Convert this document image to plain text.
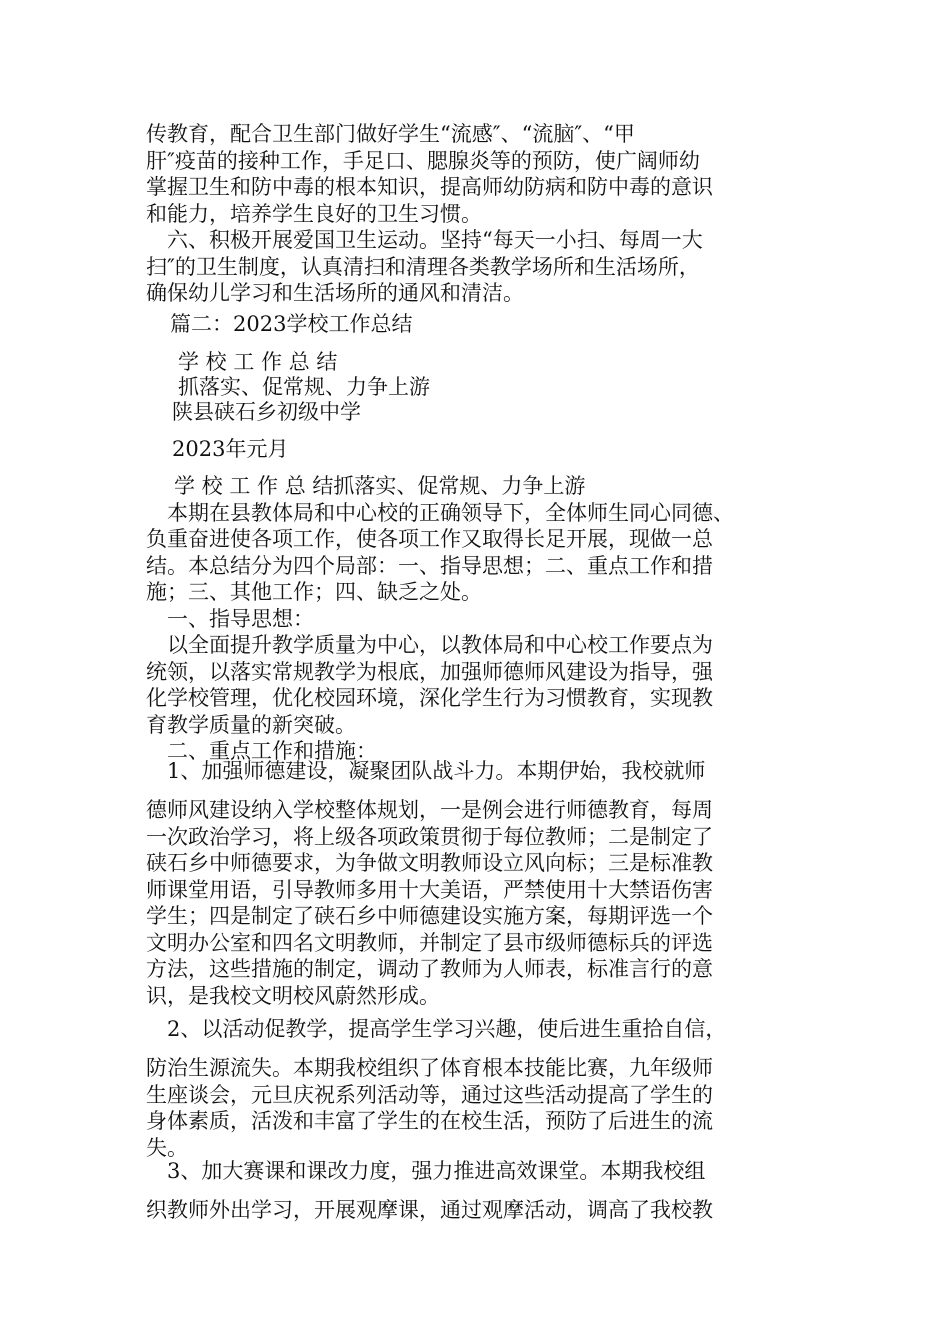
传教育，配合卫生部门做好学生“流感″、“流脑″、“甲
肝″疫苗的接种工作，手足口、腮腺炎等的预防，使广阔师幼
掌握卫生和防中毒的根本知识，提高师幼防病和防中毒的意识
和能力，培养学生良好的卫生习惯。
　六、积极开展爱国卫生运动。坚持“每天一小扫、每周一大
扫″的卫生制度，认真清扫和清理各类教学场所和生活场所，
确保幼儿学习和生活场所的通风和清洁。
篇二：2023学校工作总结
学 校 工 作 总 结
抓落实、促常规、力争上游
陕县硖石乡初级中学
2023年元月
学 校 工 作 总 结抓落实、促常规、力争上游
　本期在县教体局和中心校的正确领导下，全体师生同心同德、
负重奋进使各项工作，使各项工作又取得长足开展，现做一总
结。本总结分为四个局部：一、指导思想；二、重点工作和措
施；三、其他工作；四、缺乏之处。
　一、指导思想：
　以全面提升教学质量为中心，以教体局和中心校工作要点为
统领，以落实常规教学为根底，加强师德师风建设为指导，强
化学校管理，优化校园环境，深化学生行为习惯教育，实现教
育教学质量的新突破。
　二、重点工作和措施：
　1、加强师德建设，凝聚团队战斗力。本期伊始，我校就师
德师风建设纳入学校整体规划，一是例会进行师德教育，每周
一次政治学习，将上级各项政策贯彻于每位教师；二是制定了
硖石乡中师德要求，为争做文明教师设立风向标；三是标准教
师课堂用语，引导教师多用十大美语，严禁使用十大禁语伤害
学生；四是制定了硖石乡中师德建设实施方案，每期评选一个
文明办公室和四名文明教师，并制定了县市级师德标兵的评选
方法，这些措施的制定，调动了教师为人师表，标准言行的意
识，是我校文明校风蔚然形成。
　2、以活动促教学，提高学生学习兴趣，使后进生重拾自信，
防治生源流失。本期我校组织了体育根本技能比赛，九年级师
生座谈会，元旦庆祝系列活动等，通过这些活动提高了学生的
身体素质，活泼和丰富了学生的在校生活，预防了后进生的流
失。
　3、加大赛课和课改力度，强力推进高效课堂。本期我校组
织教师外出学习，开展观摩课，通过观摩活动，调高了我校教
